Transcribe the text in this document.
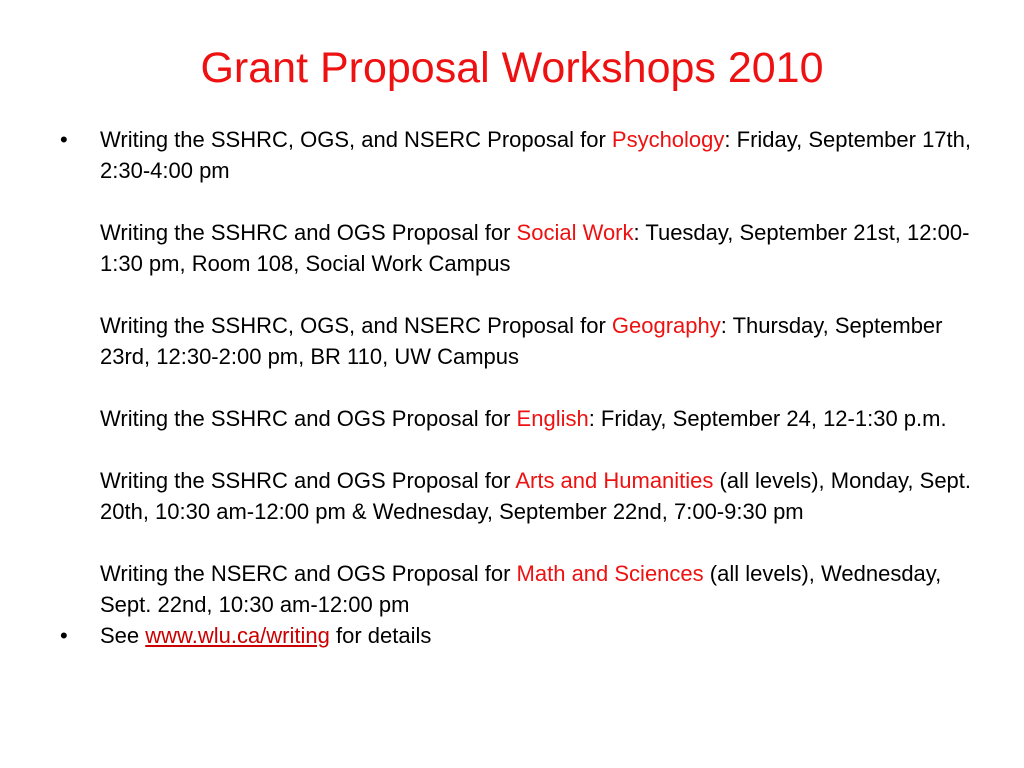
Grant Proposal Workshops 2010
•	Writing the SSHRC, OGS, and NSERC Proposal for Psychology: Friday, September 17th, 2:30-4:00 pm

Writing the SSHRC and OGS Proposal for Social Work: Tuesday, September 21st, 12:00-1:30 pm, Room 108, Social Work Campus

Writing the SSHRC, OGS, and NSERC Proposal for Geography: Thursday, September 23rd, 12:30-2:00 pm, BR 110, UW Campus

Writing the SSHRC and OGS Proposal for English: Friday, September 24, 12-1:30 p.m.

Writing the SSHRC and OGS Proposal for Arts and Humanities (all levels), Monday, Sept. 20th, 10:30 am-12:00 pm & Wednesday, September 22nd, 7:00-9:30 pm

Writing the NSERC and OGS Proposal for Math and Sciences (all levels), Wednesday, Sept. 22nd, 10:30 am-12:00 pm

•	See www.wlu.ca/writing for details
